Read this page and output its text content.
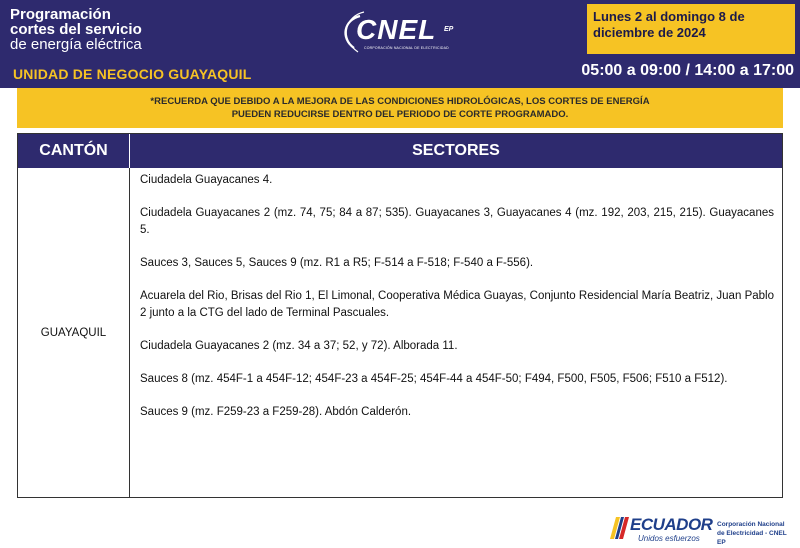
Programación
cortes del servicio
de energía eléctrica
UNIDAD DE NEGOCIO GUAYAQUIL
CNEL EP
CORPORACIÓN NACIONAL DE ELECTRICIDAD
Lunes 2 al domingo 8 de
diciembre de 2024
05:00 a 09:00 / 14:00 a 17:00
*RECUERDA QUE DEBIDO A LA MEJORA DE LAS CONDICIONES HIDROLÓGICAS, LOS CORTES DE ENERGÍA
PUEDEN REDUCIRSE DENTRO DEL PERIODO DE CORTE PROGRAMADO.
CANTÓN	SECTORES
GUAYAQUIL

Ciudadela Guayacanes 4.

Ciudadela Guayacanes 2 (mz. 74, 75; 84 a 87; 535). Guayacanes 3, Guayacanes 4 (mz. 192, 203, 215, 215). Guayacanes 5.

Sauces 3, Sauces 5, Sauces 9 (mz. R1 a R5; F-514 a F-518; F-540 a F-556).

Acuarela del Rio, Brisas del Rio 1, El Limonal, Cooperativa Médica Guayas, Conjunto Residencial María Beatriz, Juan Pablo 2 junto a la CTG del lado de Terminal Pascuales.

Ciudadela Guayacanes 2 (mz. 34 a 37; 52, y 72). Alborada 11.

Sauces 8 (mz. 454F-1 a 454F-12; 454F-23 a 454F-25; 454F-44 a 454F-50; F494, F500, F505, F506; F510 a F512).

Sauces 9 (mz. F259-23 a F259-28). Abdón Calderón.

ECUADOR
Unidos esfuerzos
Corporación Nacional
de Electricidad - CNEL EP
